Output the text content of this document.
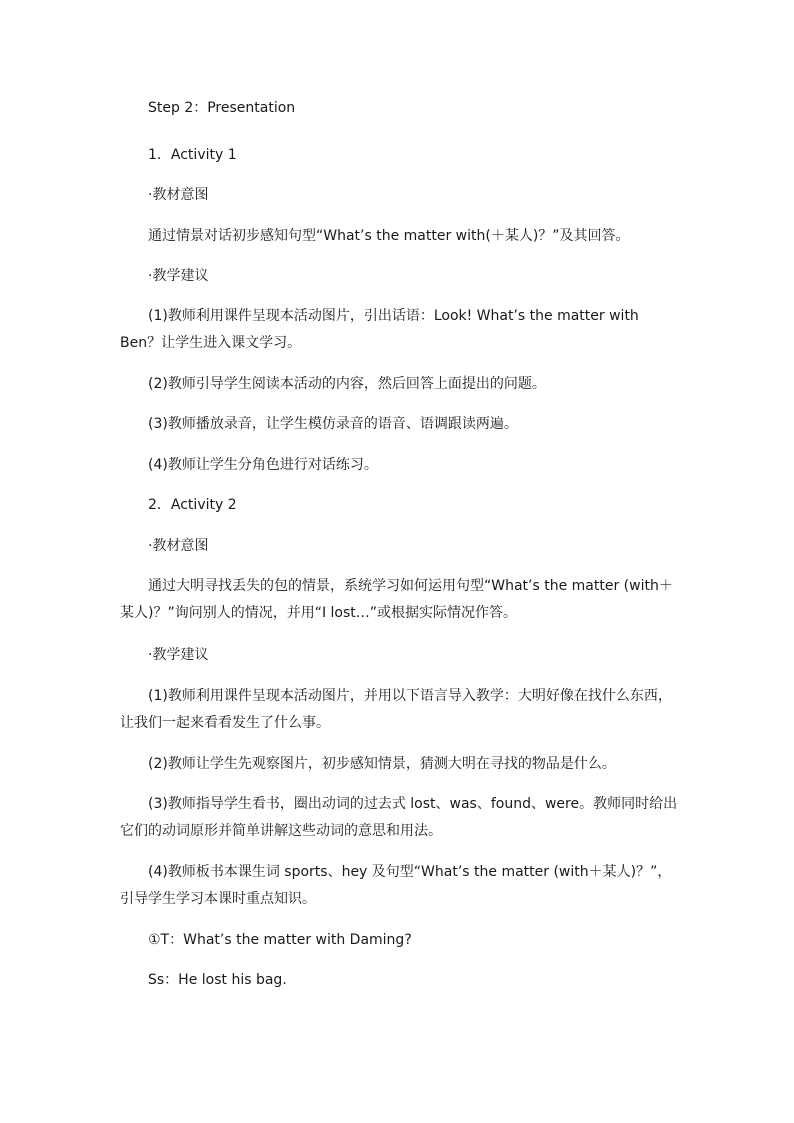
Step 2：Presentation
1．Activity 1
·教材意图
通过情景对话初步感知句型“What’s the matter with(＋某人)？”及其回答。
·教学建议
(1)教师利用课件呈现本活动图片，引出话语：Look! What’s the matter with Ben？让学生进入课文学习。
(2)教师引导学生阅读本活动的内容，然后回答上面提出的问题。
(3)教师播放录音，让学生模仿录音的语音、语调跟读两遍。
(4)教师让学生分角色进行对话练习。
2．Activity 2
·教材意图
通过大明寻找丢失的包的情景，系统学习如何运用句型“What’s the matter (with＋某人)？”询问别人的情况，并用“I lost…”或根据实际情况作答。
·教学建议
(1)教师利用课件呈现本活动图片，并用以下语言导入教学：大明好像在找什么东西，让我们一起来看看发生了什么事。
(2)教师让学生先观察图片，初步感知情景，猜测大明在寻找的物品是什么。
(3)教师指导学生看书，圈出动词的过去式 lost、was、found、were。教师同时给出它们的动词原形并简单讲解这些动词的意思和用法。
(4)教师板书本课生词 sports、hey 及句型“What’s the matter (with＋某人)？”，引导学生学习本课时重点知识。
①T：What’s the matter with Daming?
Ss：He lost his bag.
